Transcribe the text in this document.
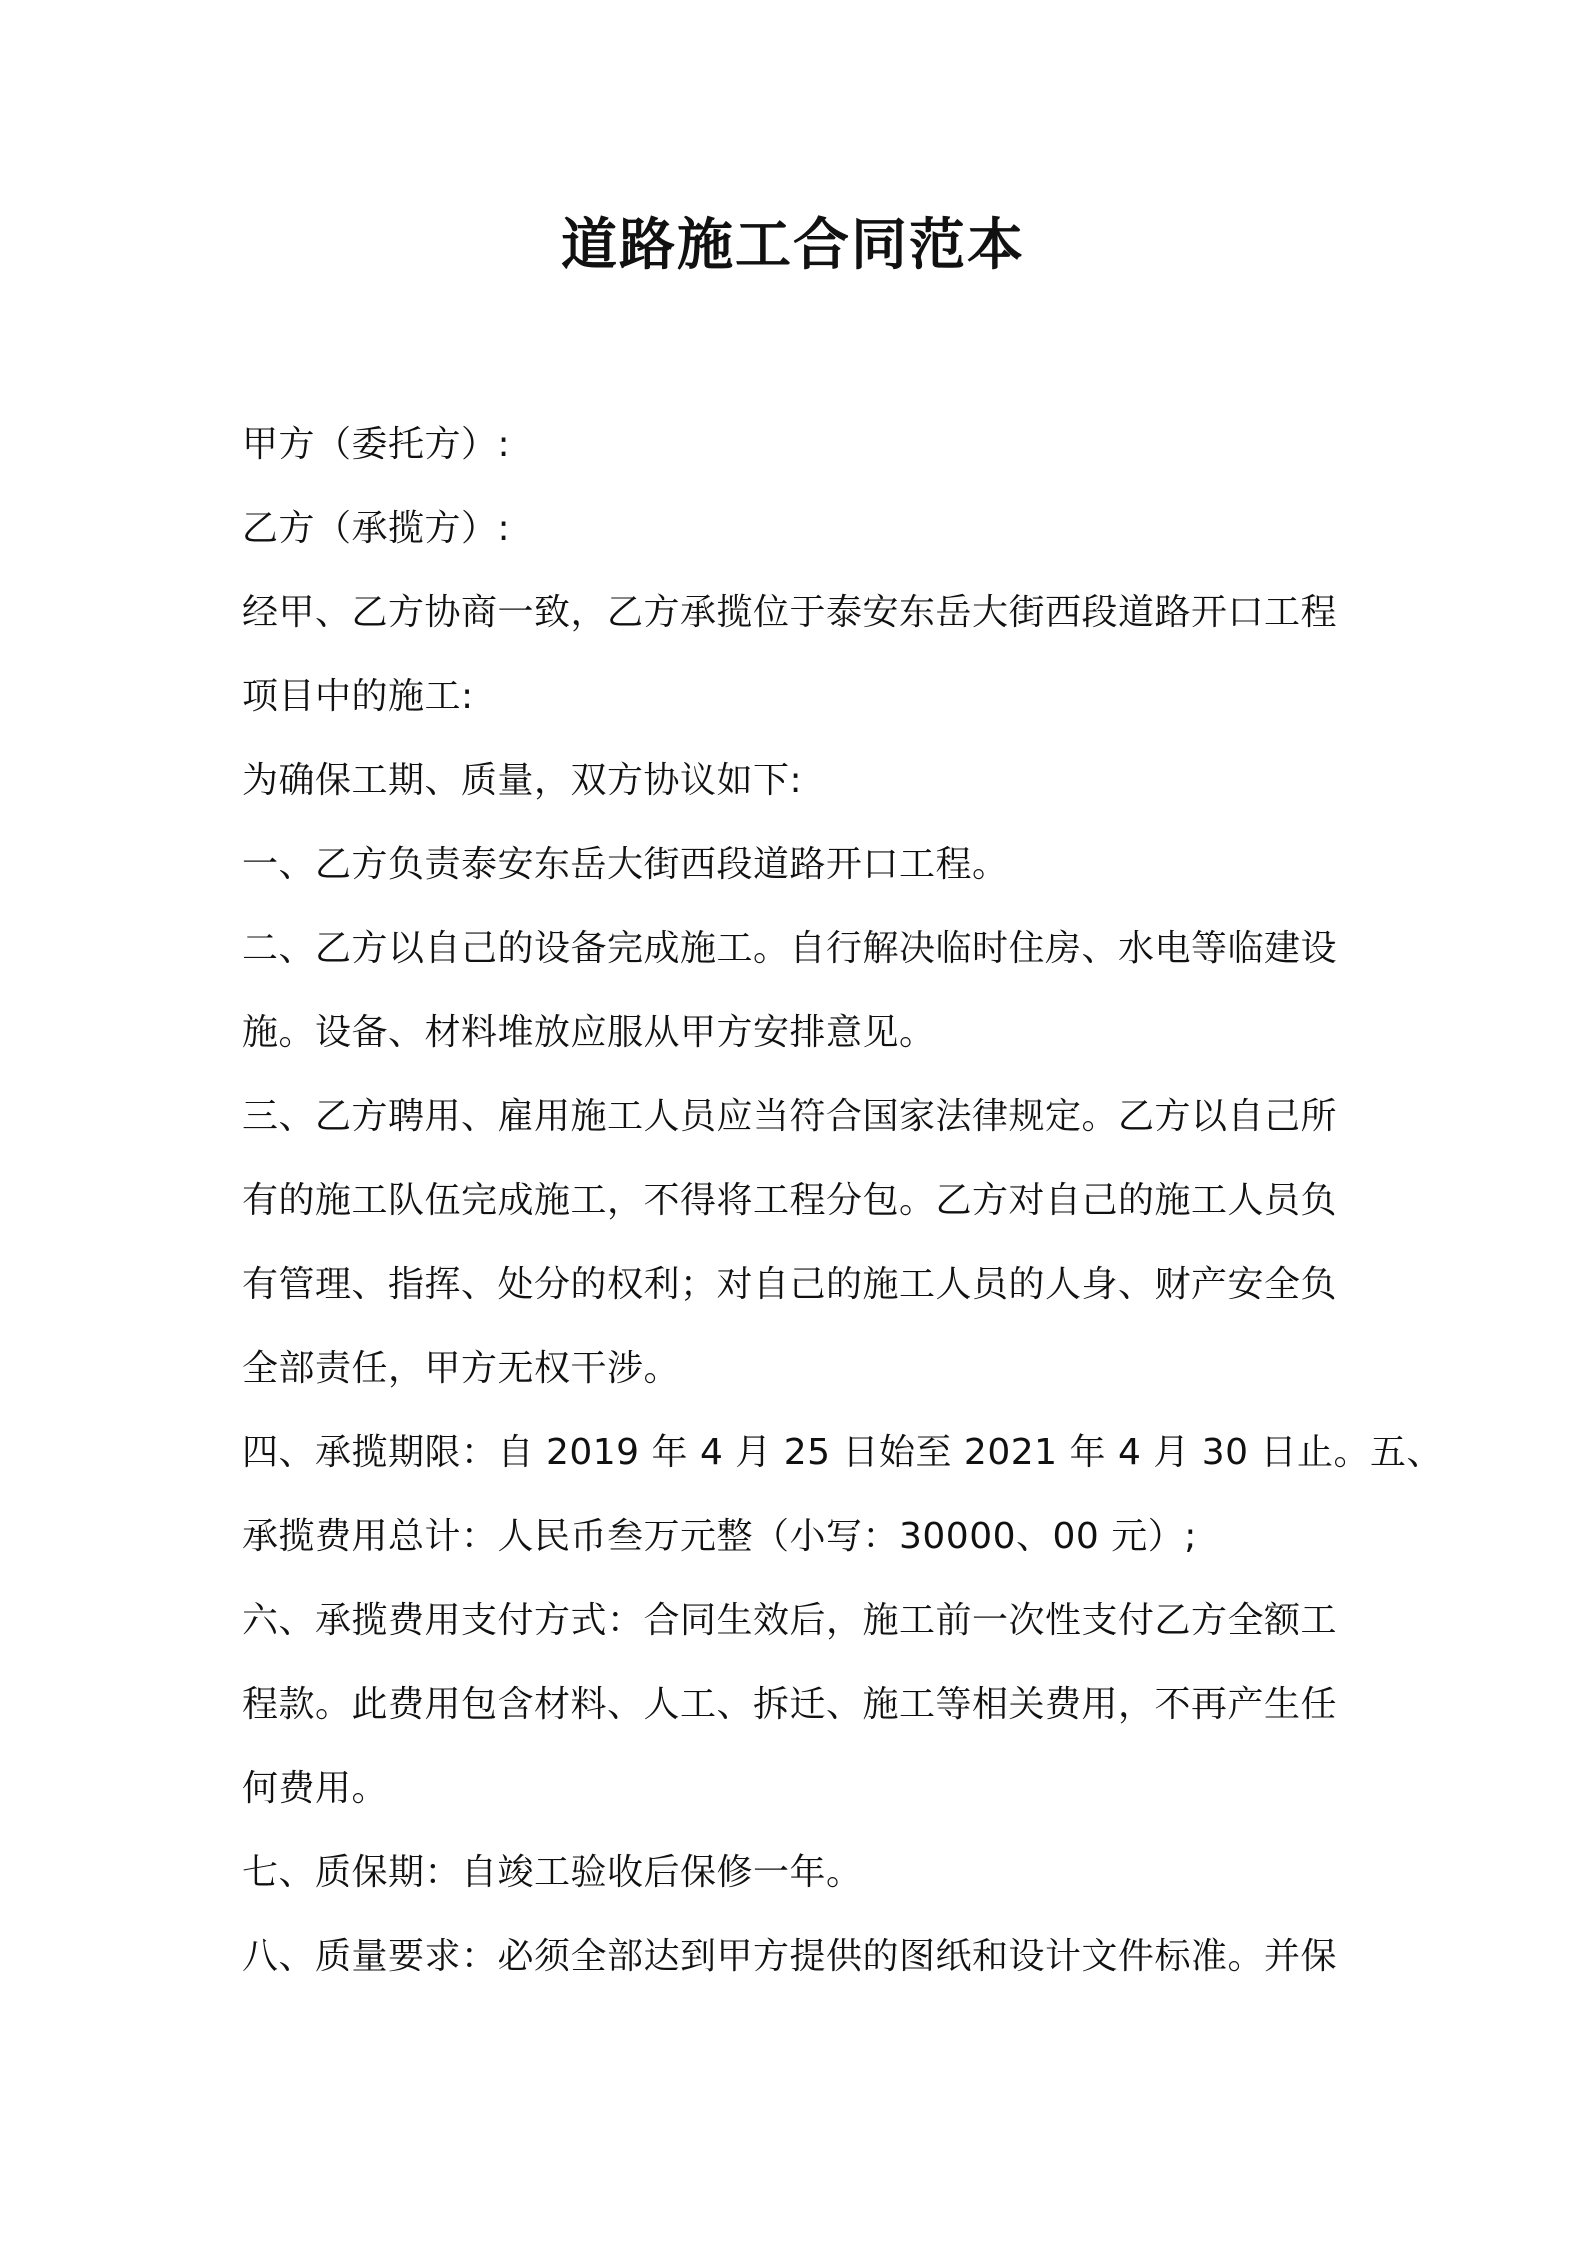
道路施工合同范本
甲方（委托方）:
乙方（承揽方）:
经甲、乙方协商一致，乙方承揽位于泰安东岳大街西段道路开口工程
项目中的施工:
为确保工期、质量，双方协议如下:
一、乙方负责泰安东岳大街西段道路开口工程。
二、乙方以自己的设备完成施工。自行解决临时住房、水电等临建设
施。设备、材料堆放应服从甲方安排意见。
三、乙方聘用、雇用施工人员应当符合国家法律规定。乙方以自己所
有的施工队伍完成施工，不得将工程分包。乙方对自己的施工人员负
有管理、指挥、处分的权利；对自己的施工人员的人身、财产安全负
全部责任，甲方无权干涉。
四、承揽期限：自 2019 年 4 月 25 日始至 2021 年 4 月 30 日止。五、
承揽费用总计：人民币叁万元整（小写：30000、00 元）;
六、承揽费用支付方式：合同生效后，施工前一次性支付乙方全额工
程款。此费用包含材料、人工、拆迁、施工等相关费用，不再产生任
何费用。
七、质保期：自竣工验收后保修一年。
八、质量要求：必须全部达到甲方提供的图纸和设计文件标准。并保
